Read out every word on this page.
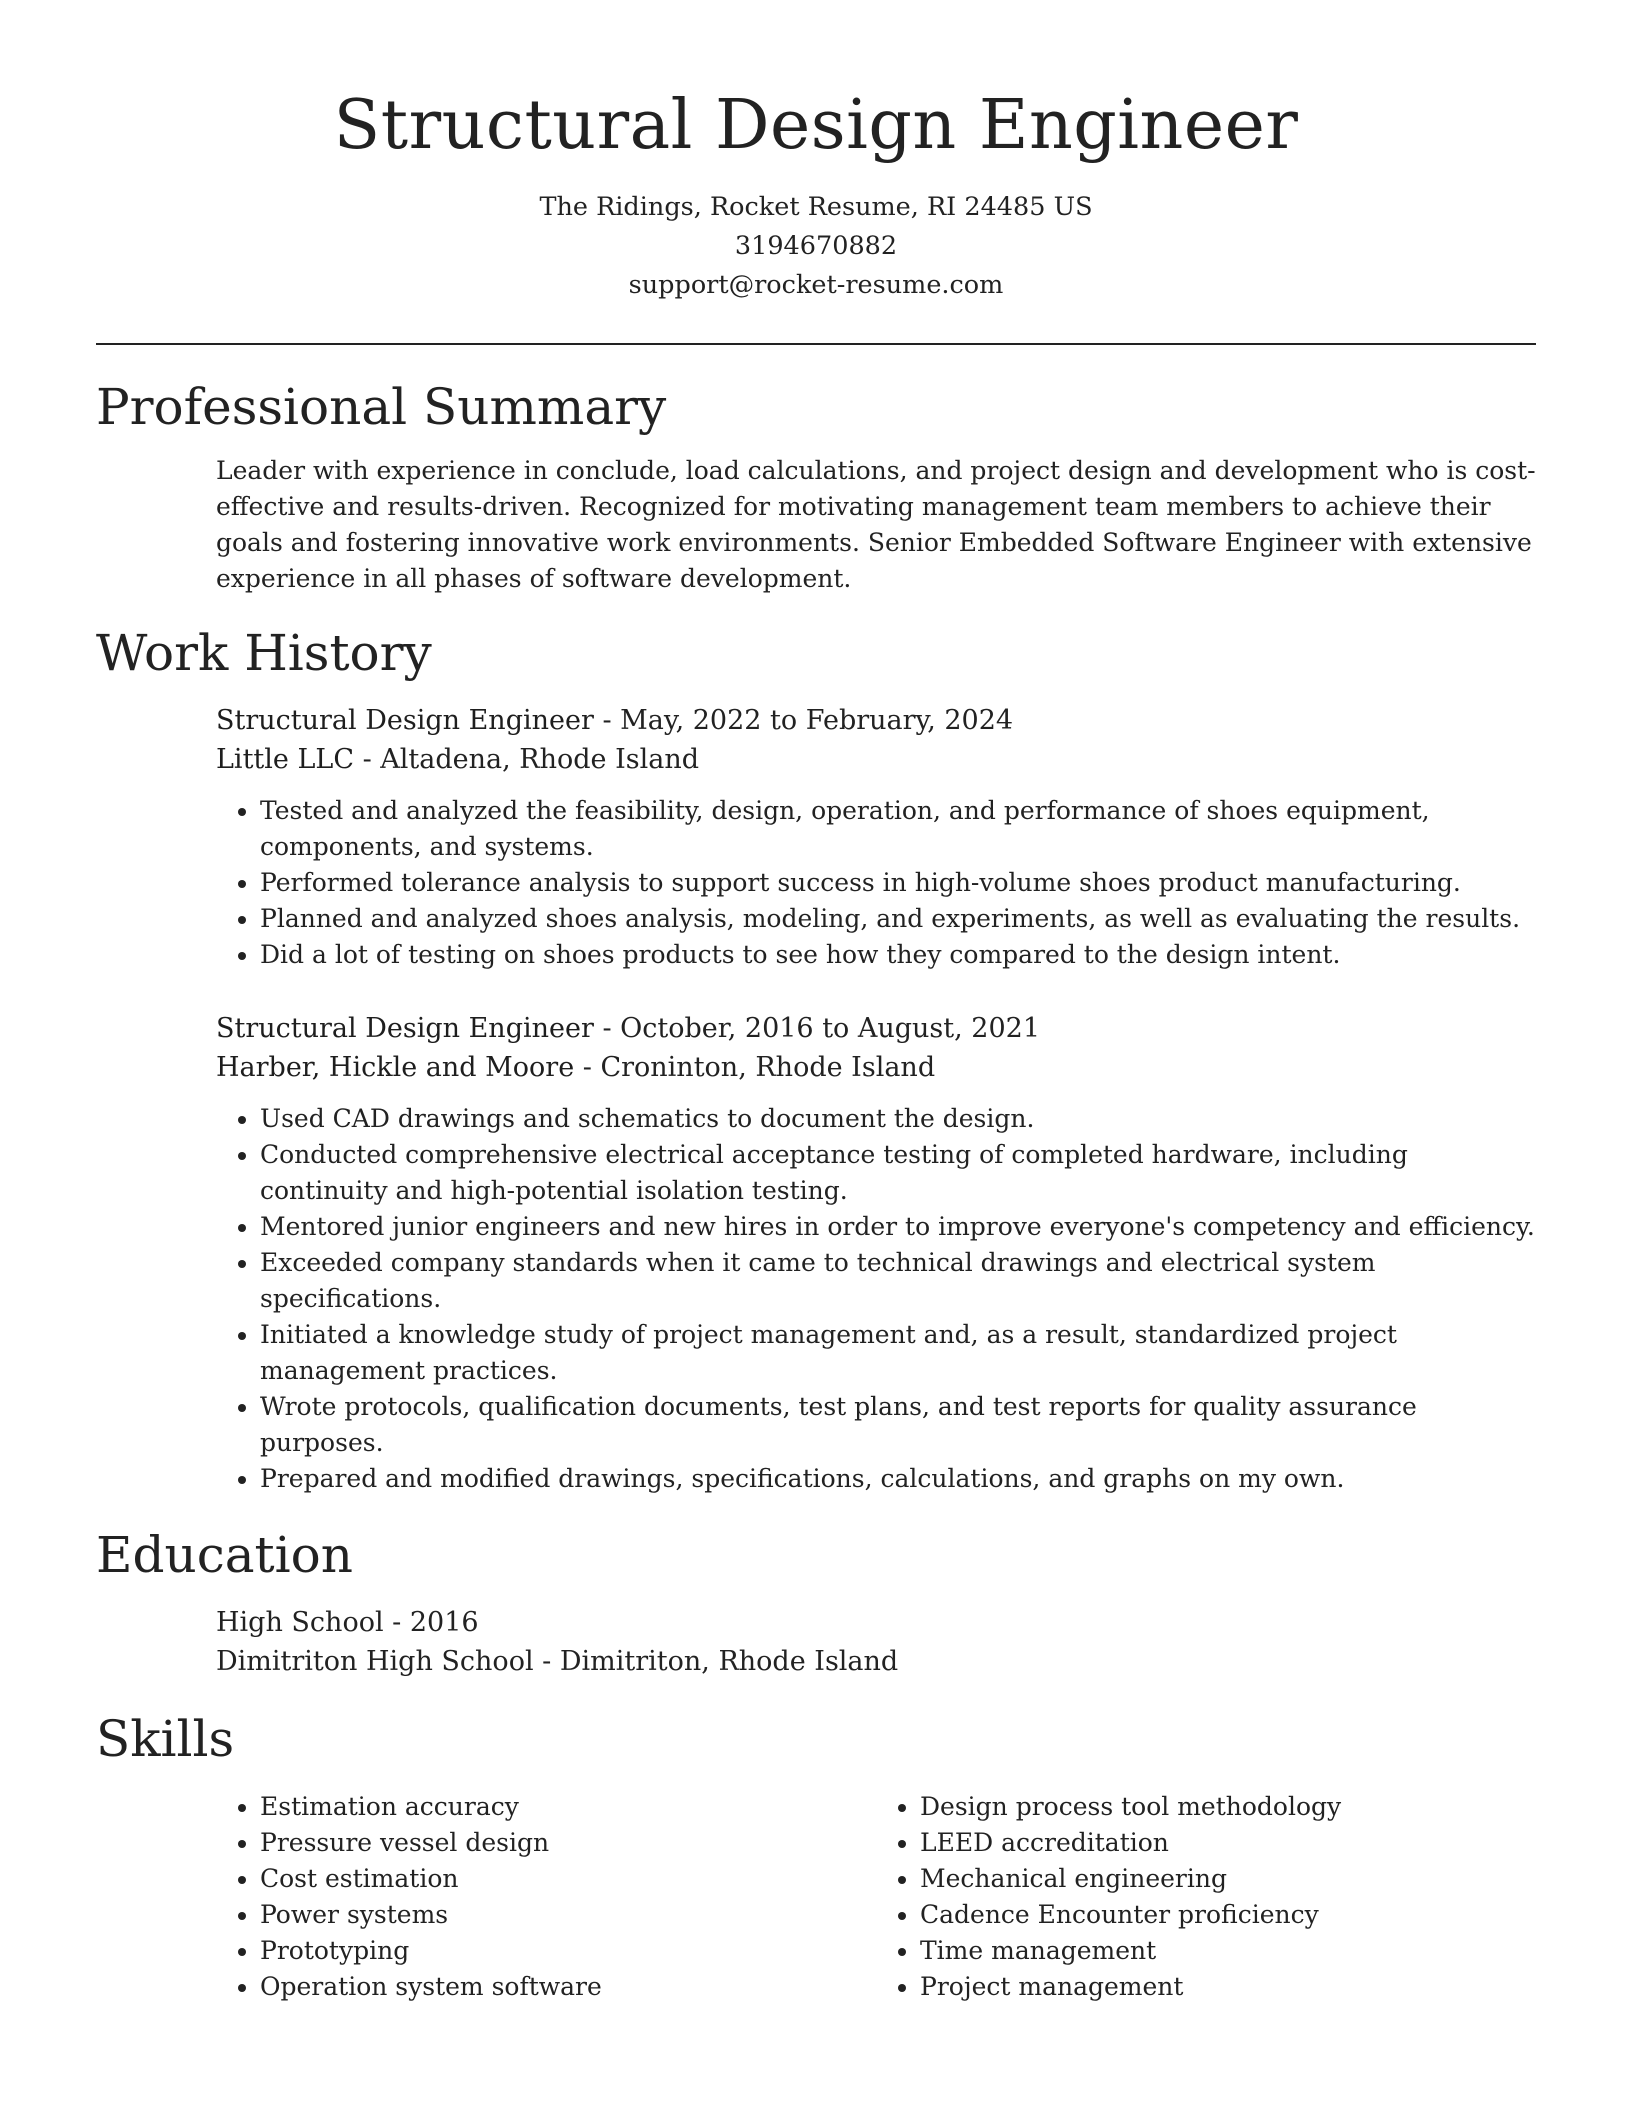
Structural Design Engineer
The Ridings, Rocket Resume, RI 24485 US
3194670882
support@rocket-resume.com
Professional Summary
Leader with experience in conclude, load calculations, and project design and development who is cost-effective and results-driven. Recognized for motivating management team members to achieve their goals and fostering innovative work environments. Senior Embedded Software Engineer with extensive experience in all phases of software development.
Work History
Structural Design Engineer - May, 2022 to February, 2024
Little LLC - Altadena, Rhode Island
• Tested and analyzed the feasibility, design, operation, and performance of shoes equipment, components, and systems.
• Performed tolerance analysis to support success in high-volume shoes product manufacturing.
• Planned and analyzed shoes analysis, modeling, and experiments, as well as evaluating the results.
• Did a lot of testing on shoes products to see how they compared to the design intent.
Structural Design Engineer - October, 2016 to August, 2021
Harber, Hickle and Moore - Croninton, Rhode Island
• Used CAD drawings and schematics to document the design.
• Conducted comprehensive electrical acceptance testing of completed hardware, including continuity and high-potential isolation testing.
• Mentored junior engineers and new hires in order to improve everyone's competency and efficiency.
• Exceeded company standards when it came to technical drawings and electrical system specifications.
• Initiated a knowledge study of project management and, as a result, standardized project management practices.
• Wrote protocols, qualification documents, test plans, and test reports for quality assurance purposes.
• Prepared and modified drawings, specifications, calculations, and graphs on my own.
Education
High School - 2016
Dimitriton High School - Dimitriton, Rhode Island
Skills
• Estimation accuracy
• Pressure vessel design
• Cost estimation
• Power systems
• Prototyping
• Operation system software
• Design process tool methodology
• LEED accreditation
• Mechanical engineering
• Cadence Encounter proficiency
• Time management
• Project management
